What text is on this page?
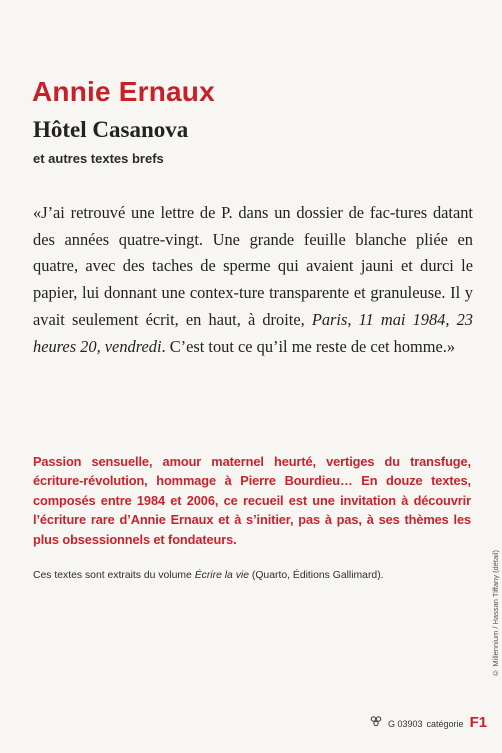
Annie Ernaux
Hôtel Casanova

et autres textes brefs

«J’ai retrouvé une lettre de P. dans un dossier de fac-tures datant des années quatre-vingt. Une grande feuille blanche pliée en quatre, avec des taches de sperme qui avaient jauni et durci le papier, lui donnant une contex-ture transparente et granuleuse. Il y avait seulement écrit, en haut, à droite, Paris, 11 mai 1984, 23 heures 20, vendredi. C’est tout ce qu’il me reste de cet homme.»

Passion sensuelle, amour maternel heurté, vertiges du transfuge, écriture-révolution, hommage à Pierre Bourdieu… En douze textes, composés entre 1984 et 2006, ce recueil est une invitation à découvrir l’écriture rare d’Annie Ernaux et à s’initier, pas à pas, à ses thèmes les plus obsessionnels et fondateurs.

Ces textes sont extraits du volume Écrire la vie (Quarto, Éditions Gallimard).	© Millennium / Hassan Tiffany (détail)
G 03903 catégorie F1
